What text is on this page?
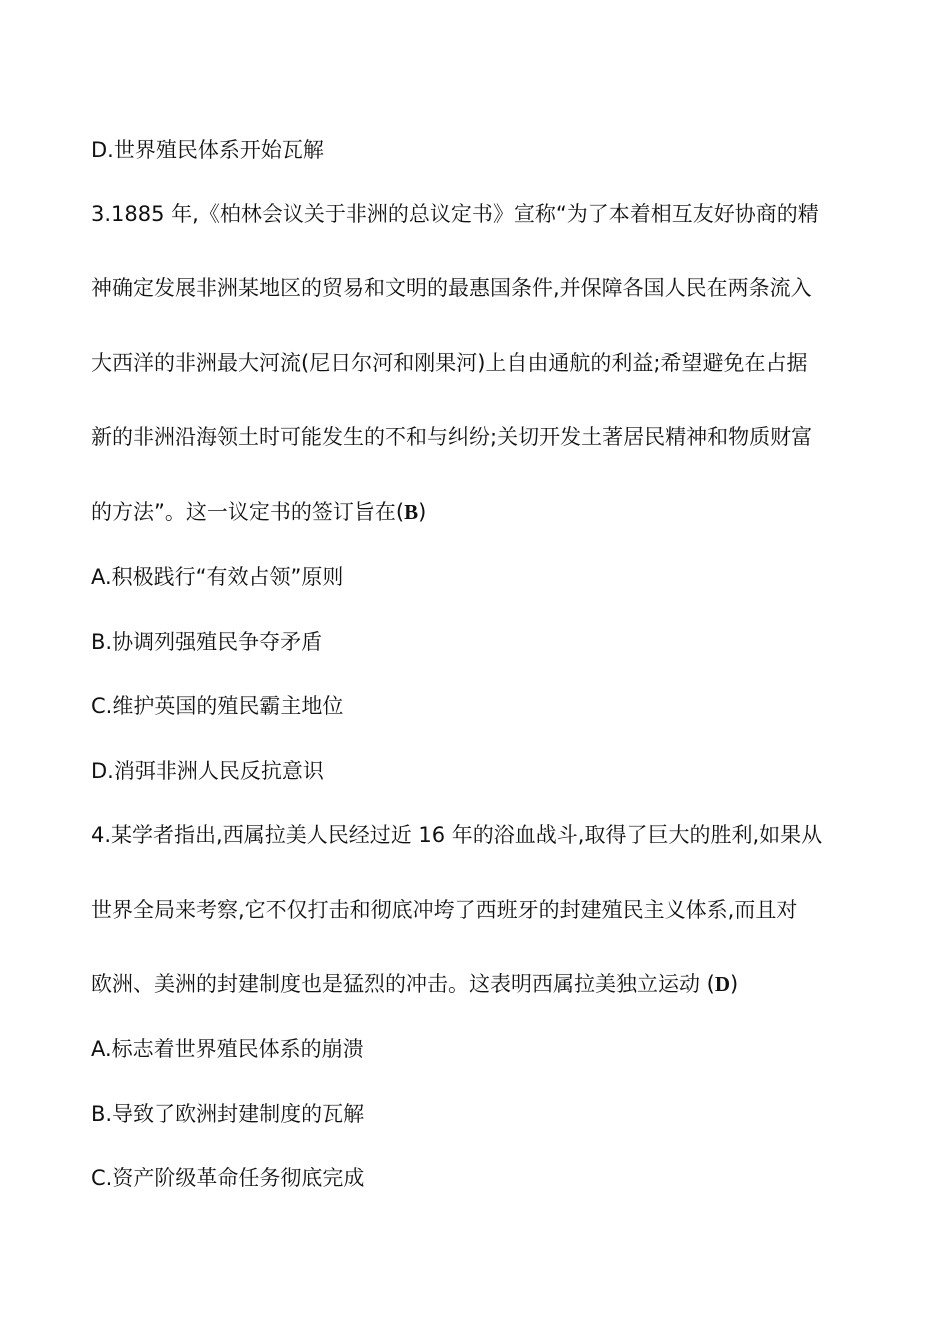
D.世界殖民体系开始瓦解
3.1885 年,《柏林会议关于非洲的总议定书》宣称“为了本着相互友好协商的精
神确定发展非洲某地区的贸易和文明的最惠国条件,并保障各国人民在两条流入
大西洋的非洲最大河流(尼日尔河和刚果河)上自由通航的利益;希望避免在占据
新的非洲沿海领土时可能发生的不和与纠纷;关切开发土著居民精神和物质财富
的方法”。这一议定书的签订旨在(B)
A.积极践行“有效占领”原则
B.协调列强殖民争夺矛盾
C.维护英国的殖民霸主地位
D.消弭非洲人民反抗意识
4.某学者指出,西属拉美人民经过近 16 年的浴血战斗,取得了巨大的胜利,如果从
世界全局来考察,它不仅打击和彻底冲垮了西班牙的封建殖民主义体系,而且对
欧洲、美洲的封建制度也是猛烈的冲击。这表明西属拉美独立运动 (D)
A.标志着世界殖民体系的崩溃
B.导致了欧洲封建制度的瓦解
C.资产阶级革命任务彻底完成
